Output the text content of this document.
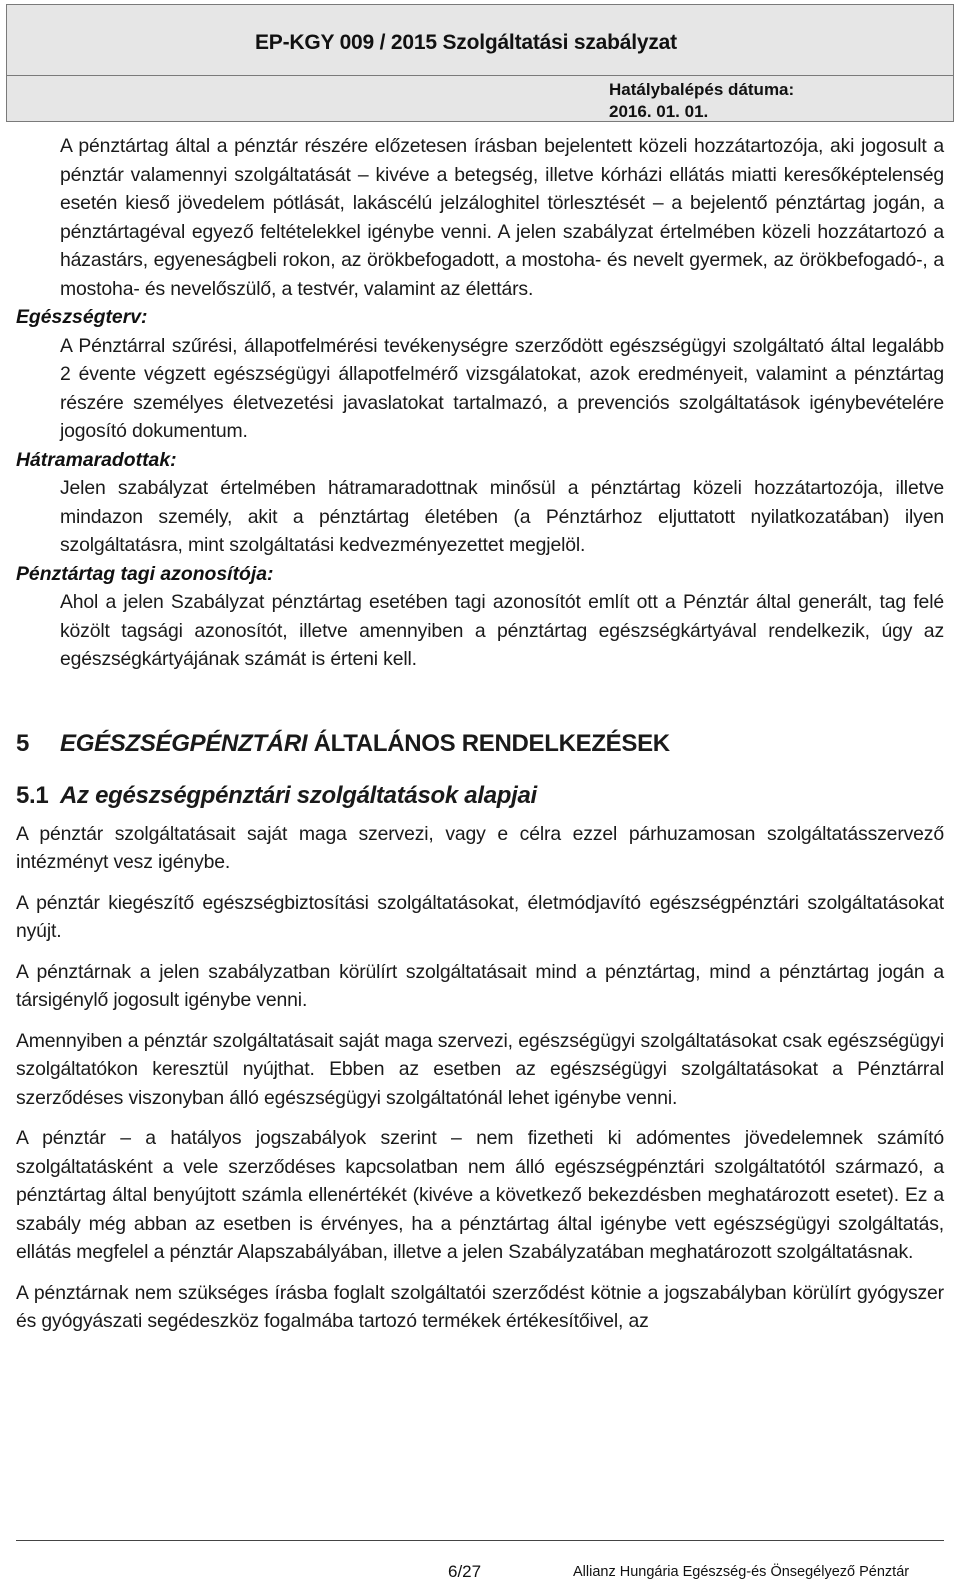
EP-KGY 009 / 2015 Szolgáltatási szabályzat
Hatálybalépés dátuma:
2016. 01. 01.

A pénztártag által a pénztár részére előzetesen írásban bejelentett közeli hozzátartozója, aki jogosult a pénztár valamennyi szolgáltatását – kivéve a betegség, illetve kórházi ellátás miatti keresőképtelenség esetén kieső jövedelem pótlását, lakáscélú jelzáloghitel törlesztését – a bejelentő pénztártag jogán, a pénztártagéval egyező feltételekkel igénybe venni. A jelen szabályzat értelmében közeli hozzátartozó a házastárs, egyeneságbeli rokon, az örökbefogadott, a mostoha- és nevelt gyermek, az örökbefogadó-, a mostoha- és nevelőszülő, a testvér, valamint az élettárs.

Egészségterv:

A Pénztárral szűrési, állapotfelmérési tevékenységre szerződött egészségügyi szolgáltató által legalább 2 évente végzett egészségügyi állapotfelmérő vizsgálatokat, azok eredményeit, valamint a pénztártag részére személyes életvezetési javaslatokat tartalmazó, a prevenciós szolgáltatások igénybevételére jogosító dokumentum.

Hátramaradottak:

Jelen szabályzat értelmében hátramaradottnak minősül a pénztártag közeli hozzátartozója, illetve mindazon személy, akit a pénztártag életében (a Pénztárhoz eljuttatott nyilatkozatában) ilyen szolgáltatásra, mint szolgáltatási kedvezményezettet megjelöl.

Pénztártag tagi azonosítója:

Ahol a jelen Szabályzat pénztártag esetében tagi azonosítót említ ott a Pénztár által generált, tag felé közölt tagsági azonosítót, illetve amennyiben a pénztártag egészségkártyával rendelkezik, úgy az egészségkártyájának számát is érteni kell.

5 EGÉSZSÉGPÉNZTÁRI ÁLTALÁNOS RENDELKEZÉSEK
5.1 Az egészségpénztári szolgáltatások alapjai

A pénztár szolgáltatásait saját maga szervezi, vagy e célra ezzel párhuzamosan szolgáltatásszervező intézményt vesz igénybe.

A pénztár kiegészítő egészségbiztosítási szolgáltatásokat, életmódjavító egészségpénztári szolgáltatásokat nyújt.

A pénztárnak a jelen szabályzatban körülírt szolgáltatásait mind a pénztártag, mind a pénztártag jogán a társigénylő jogosult igénybe venni.

Amennyiben a pénztár szolgáltatásait saját maga szervezi, egészségügyi szolgáltatásokat csak egészségügyi szolgáltatókon keresztül nyújthat. Ebben az esetben az egészségügyi szolgáltatásokat a Pénztárral szerződéses viszonyban álló egészségügyi szolgáltatónál lehet igénybe venni.

A pénztár – a hatályos jogszabályok szerint – nem fizetheti ki adómentes jövedelemnek számító szolgáltatásként a vele szerződéses kapcsolatban nem álló egészségpénztári szolgáltatótól származó, a pénztártag által benyújtott számla ellenértékét (kivéve a következő bekezdésben meghatározott esetet). Ez a szabály még abban az esetben is érvényes, ha a pénztártag által igénybe vett egészségügyi szolgáltatás, ellátás megfelel a pénztár Alapszabályában, illetve a jelen Szabályzatában meghatározott szolgáltatásnak.

A pénztárnak nem szükséges írásba foglalt szolgáltatói szerződést kötnie a jogszabályban körülírt gyógyszer és gyógyászati segédeszköz fogalmába tartozó termékek értékesítőivel, az

6/27	Allianz Hungária Egészség-és Önsegélyező Pénztár
